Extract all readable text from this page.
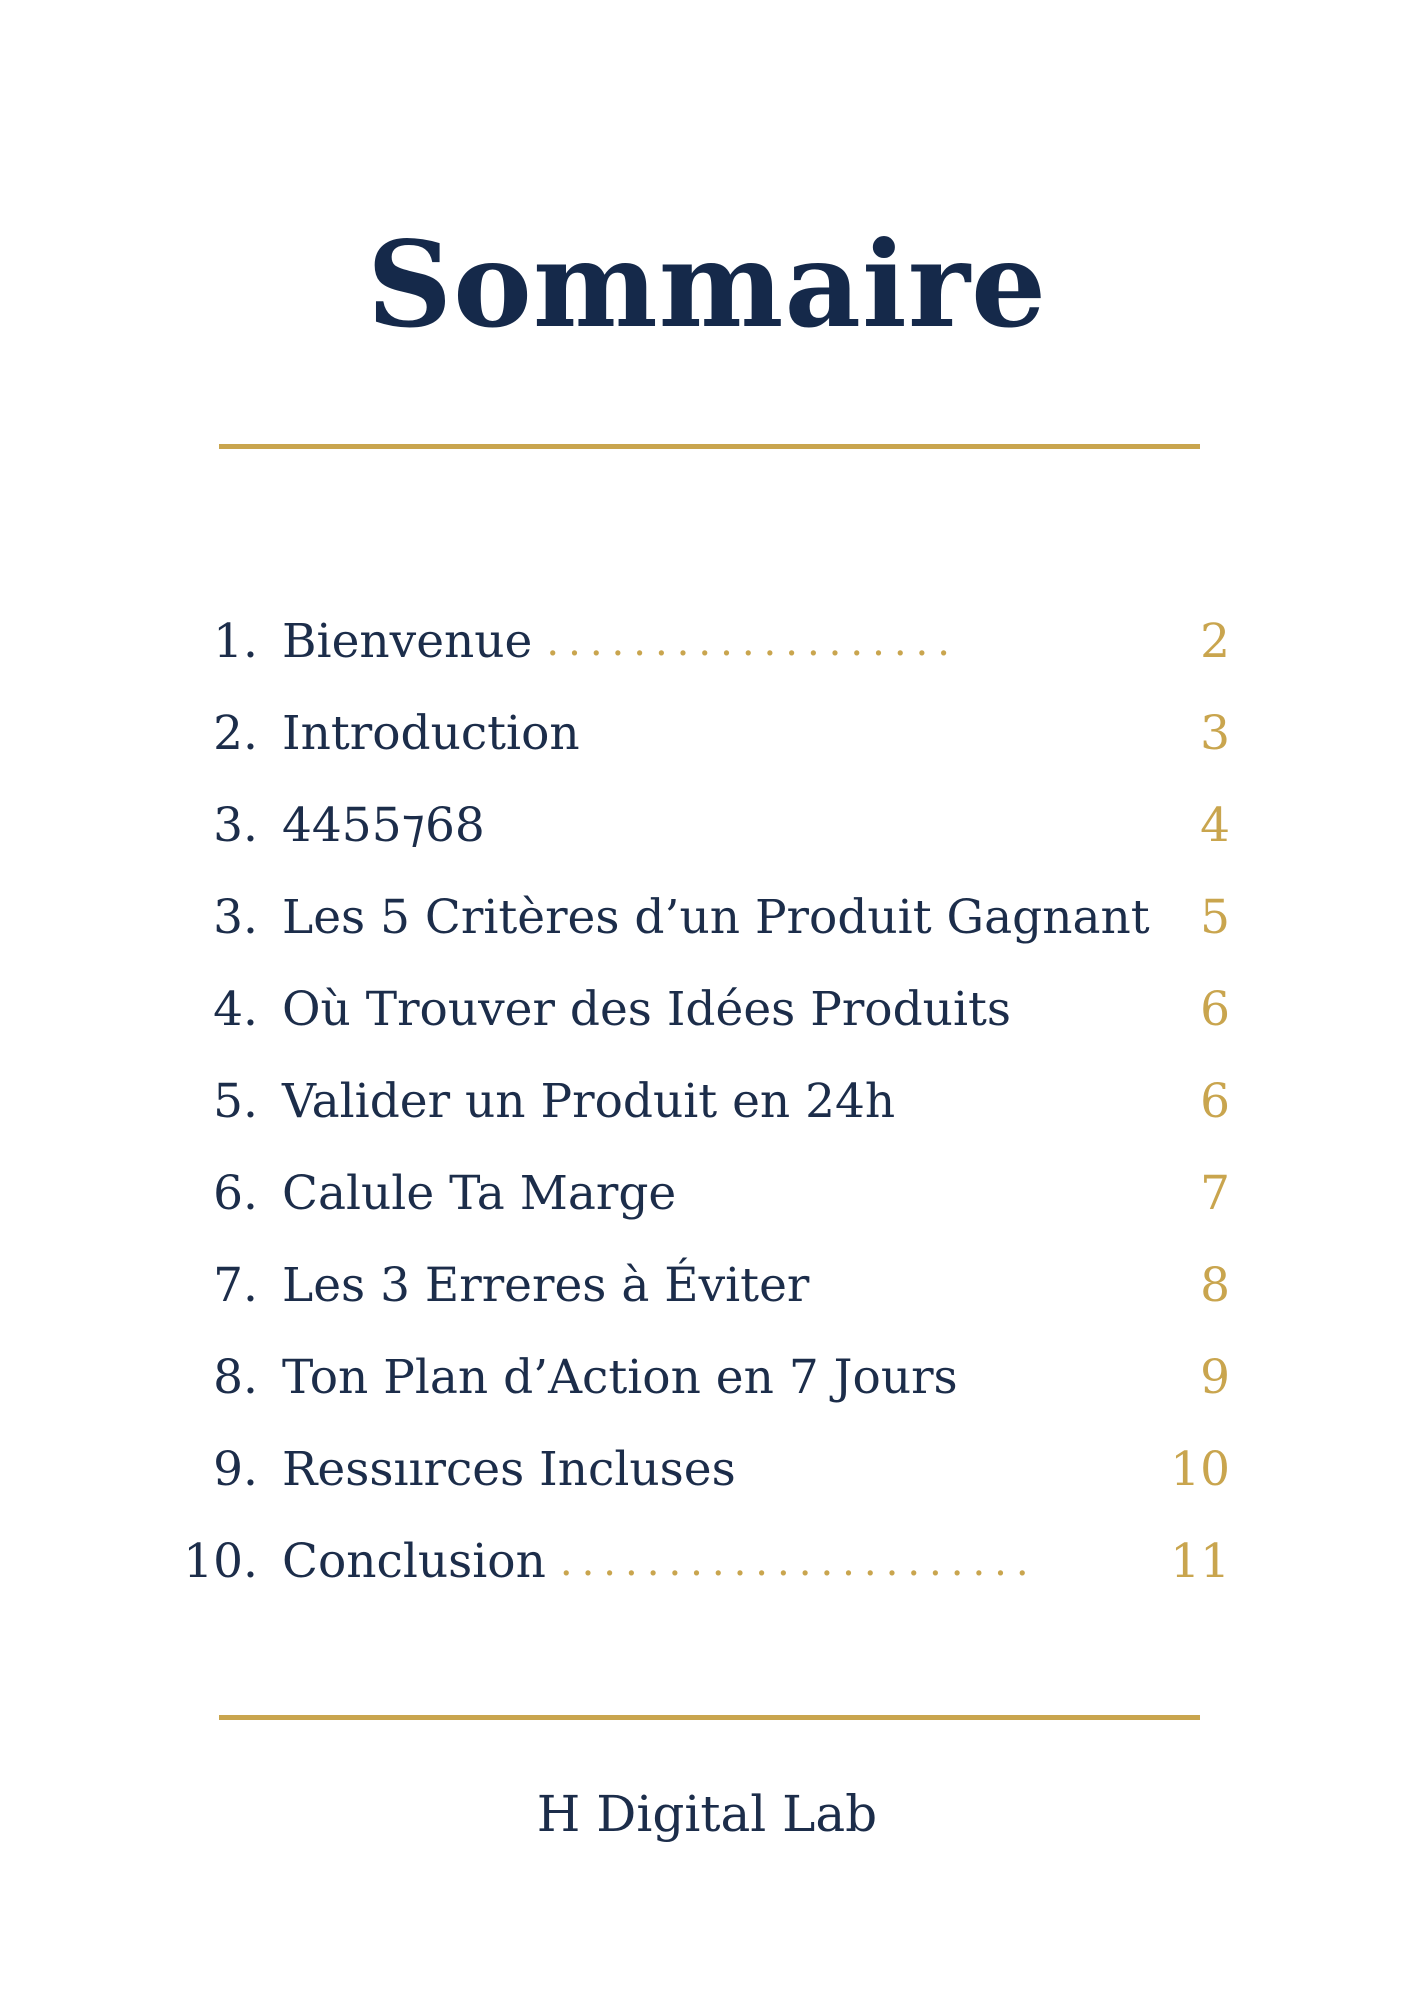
Sommaire
1. Bienvenue ...................	2
2. Introduction	3
3. 4455⁊68	4
3. Les 5 Critères d’un Produit Gagnant 5
4. Où Trouver des Idées Produits	6
5. Valider un Produit en 24h	6
6. Calule Ta Marge	7
7. Les 3 Erreres à Éviter	8
8. Ton Plan d’Action en 7 Jours	9
9. Ressıırces Incluses	10
10. Conclusion ......................	11
H Digital Lab
